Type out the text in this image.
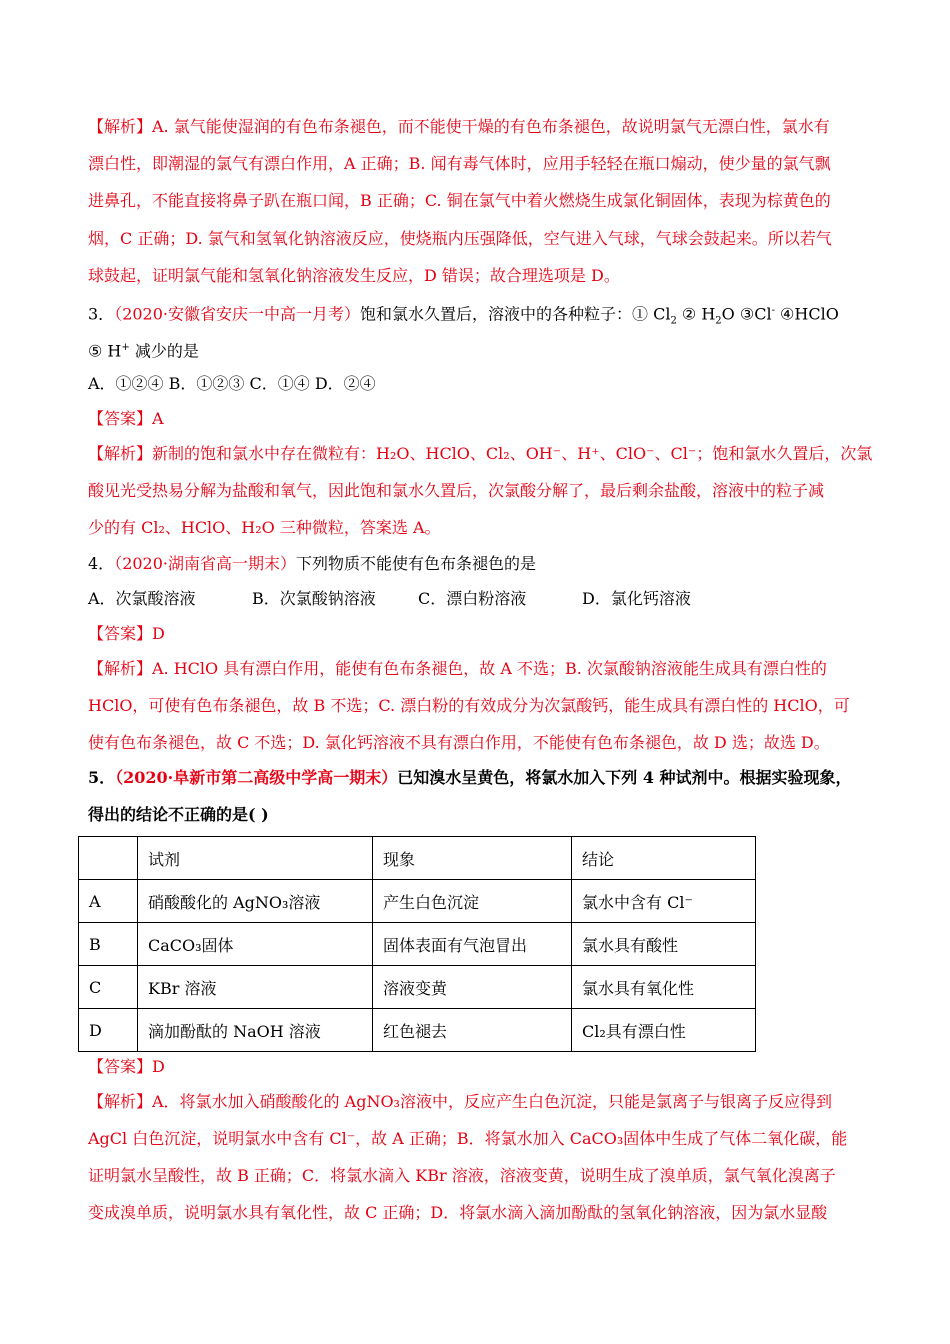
【解析】A. 氯气能使湿润的有色布条褪色，而不能使干燥的有色布条褪色，故说明氯气无漂白性，氯水有
漂白性，即潮湿的氯气有漂白作用，A 正确；B. 闻有毒气体时，应用手轻轻在瓶口煽动，使少量的氯气飘
进鼻孔，不能直接将鼻子趴在瓶口闻，B 正确；C. 铜在氯气中着火燃烧生成氯化铜固体，表现为棕黄色的
烟，C 正确；D. 氯气和氢氧化钠溶液反应，使烧瓶内压强降低，空气进入气球，气球会鼓起来。所以若气
球鼓起，证明氯气能和氢氧化钠溶液发生反应，D 错误；故合理选项是 D。
3．（2020·安徽省安庆一中高一月考）饱和氯水久置后，溶液中的各种粒子：① $Cl_2$ ② $H_2O$ ③Cl- ④HClO
⑤ H+ 减少的是
A．①②④ B．①②③ C．①④ D．②④
【答案】A
【解析】新制的饱和氯水中存在微粒有：H₂O、HClO、Cl₂、OH⁻、H⁺、ClO⁻、Cl⁻；饱和氯水久置后，次氯
酸见光受热易分解为盐酸和氧气，因此饱和氯水久置后，次氯酸分解了，最后剩余盐酸，溶液中的粒子减
少的有 Cl₂、HClO、H₂O 三种微粒，答案选 A。
4．（2020·湖南省高一期末）下列物质不能使有色布条褪色的是
A．次氯酸溶液	B．次氯酸钠溶液	C．漂白粉溶液	D．氯化钙溶液
【答案】D
【解析】A. HClO 具有漂白作用，能使有色布条褪色，故 A 不选；B. 次氯酸钠溶液能生成具有漂白性的
HClO，可使有色布条褪色，故 B 不选；C. 漂白粉的有效成分为次氯酸钙，能生成具有漂白性的 HClO，可
使有色布条褪色，故 C 不选；D. 氯化钙溶液不具有漂白作用，不能使有色布条褪色，故 D 选；故选 D。
5．（2020·阜新市第二高级中学高一期末）已知溴水呈黄色，将氯水加入下列 4 种试剂中。根据实验现象，
得出的结论不正确的是( )
	试剂	现象	结论
A	硝酸酸化的 AgNO₃溶液	产生白色沉淀	氯水中含有 Cl⁻
B	CaCO₃固体	固体表面有气泡冒出	氯水具有酸性
C	KBr 溶液	溶液变黄	氯水具有氧化性
D	滴加酚酞的 NaOH 溶液	红色褪去	Cl₂具有漂白性
【答案】D
【解析】A．将氯水加入硝酸酸化的 AgNO₃溶液中，反应产生白色沉淀，只能是氯离子与银离子反应得到
AgCl 白色沉淀，说明氯水中含有 Cl⁻，故 A 正确；B．将氯水加入 CaCO₃固体中生成了气体二氧化碳，能
证明氯水呈酸性，故 B 正确；C．将氯水滴入 KBr 溶液，溶液变黄，说明生成了溴单质，氯气氧化溴离子
变成溴单质，说明氯水具有氧化性，故 C 正确；D．将氯水滴入滴加酚酞的氢氧化钠溶液，因为氯水显酸
